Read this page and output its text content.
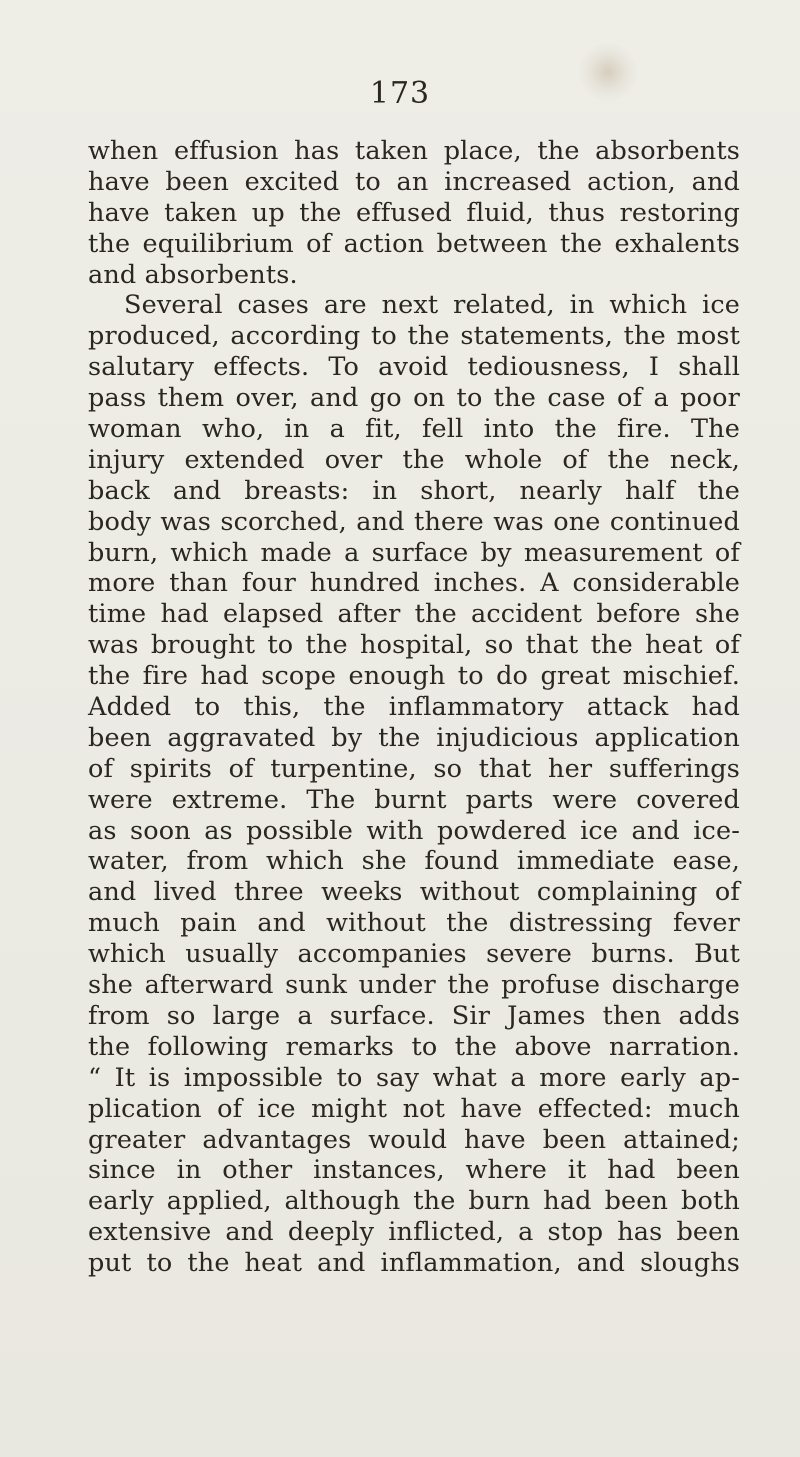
173
when effusion has taken place, the absorbents
have been excited to an increased action, and
have taken up the effused fluid, thus restoring
the equilibrium of action between the exhalents
and absorbents.
Several cases are next related, in which ice
produced, according to the statements, the most
salutary effects. To avoid tediousness, I shall
pass them over, and go on to the case of a poor
woman who, in a fit, fell into the fire. The
injury extended over the whole of the neck,
back and breasts: in short, nearly half the
body was scorched, and there was one continued
burn, which made a surface by measurement of
more than four hundred inches. A considerable
time had elapsed after the accident before she
was brought to the hospital, so that the heat of
the fire had scope enough to do great mischief.
Added to this, the inflammatory attack had
been aggravated by the injudicious application
of spirits of turpentine, so that her sufferings
were extreme. The burnt parts were covered
as soon as possible with powdered ice and ice-
water, from which she found immediate ease,
and lived three weeks without complaining of
much pain and without the distressing fever
which usually accompanies severe burns. But
she afterward sunk under the profuse discharge
from so large a surface. Sir James then adds
the following remarks to the above narration.
“ It is impossible to say what a more early ap-
plication of ice might not have effected: much
greater advantages would have been attained;
since in other instances, where it had been
early applied, although the burn had been both
extensive and deeply inflicted, a stop has been
put to the heat and inflammation, and sloughs
